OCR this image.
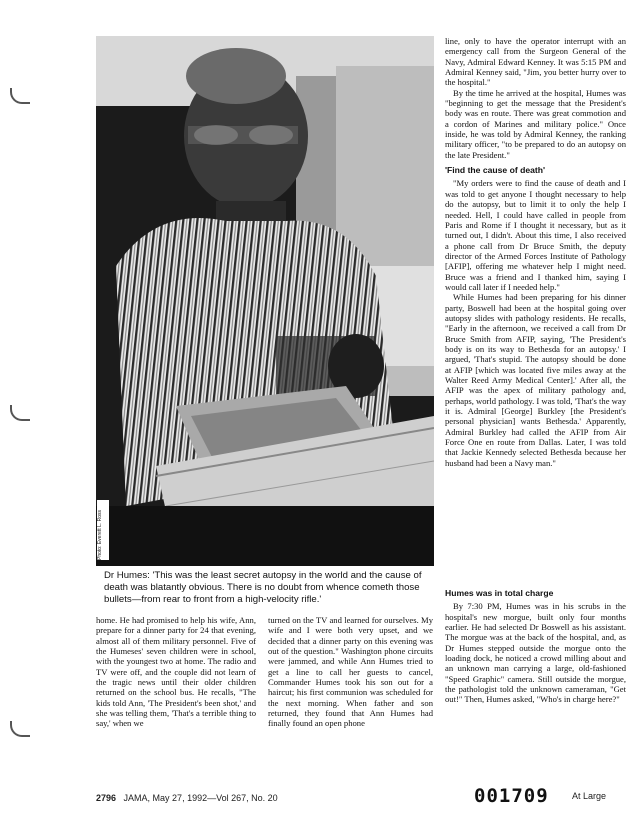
Photo: Everett L. Ross
Dr Humes: 'This was the least secret autopsy in the world and the cause of death was blatantly obvious. There is no doubt from whence cometh those bullets—from rear to front from a high-velocity rifle.'

line, only to have the operator interrupt with an emergency call from the Surgeon General of the Navy, Admiral Edward Kenney. It was 5:15 PM and Admiral Kenney said, "Jim, you better hurry over to the hospital."

By the time he arrived at the hospital, Humes was "beginning to get the message that the President's body was en route. There was great commotion and a cordon of Marines and military police." Once inside, he was told by Admiral Kenney, the ranking military officer, "to be prepared to do an autopsy on the late President."

'Find the cause of death'

"My orders were to find the cause of death and I was told to get anyone I thought necessary to help do the autopsy, but to limit it to only the help I needed. Hell, I could have called in people from Paris and Rome if I thought it necessary, but as it turned out, I didn't. About this time, I also received a phone call from Dr Bruce Smith, the deputy director of the Armed Forces Institute of Pathology [AFIP], offering me whatever help I might need. Bruce was a friend and I thanked him, saying I would call later if I needed help."

While Humes had been preparing for his dinner party, Boswell had been at the hospital going over autopsy slides with pathology residents. He recalls, "Early in the afternoon, we received a call from Dr Bruce Smith from AFIP, saying, 'The President's body is on its way to Bethesda for an autopsy.' I argued, 'That's stupid. The autopsy should be done at AFIP [which was located five miles away at the Walter Reed Army Medical Center].' After all, the AFIP was the apex of military pathology and, perhaps, world pathology. I was told, 'That's the way it is. Admiral [George] Burkley [the President's personal physician] wants Bethesda.' Apparently, Admiral Burkley had called the AFIP from Air Force One en route from Dallas. Later, I was told that Jackie Kennedy selected Bethesda because her husband had been a Navy man."

home. He had promised to help his wife, Ann, prepare for a dinner party for 24 that evening, almost all of them military personnel. Five of the Humeses' seven children were in school, with the youngest two at home. The radio and TV were off, and the couple did not learn of the tragic news until their older children returned on the school bus. He recalls, "The kids told Ann, 'The President's been shot,' and she was telling them, 'That's a terrible thing to say,' when we

turned on the TV and learned for ourselves. My wife and I were both very upset, and we decided that a dinner party on this evening was out of the question." Washington phone circuits were jammed, and while Ann Humes tried to get a line to call her guests to cancel, Commander Humes took his son out for a haircut; his first communion was scheduled for the next morning. When father and son returned, they found that Ann Humes had finally found an open phone

Humes was in total charge

By 7:30 PM, Humes was in his scrubs in the hospital's new morgue, built only four months earlier. He had selected Dr Boswell as his assistant. The morgue was at the back of the hospital, and, as Dr Humes stepped outside the morgue onto the loading dock, he noticed a crowd milling about and an unknown man carrying a large, old-fashioned "Speed Graphic" camera. Still outside the morgue, the pathologist told the unknown cameraman, "Get out!" Then, Humes asked, "Who's in charge here?"

2796 JAMA, May 27, 1992—Vol 267, No. 20	001709	At Large
